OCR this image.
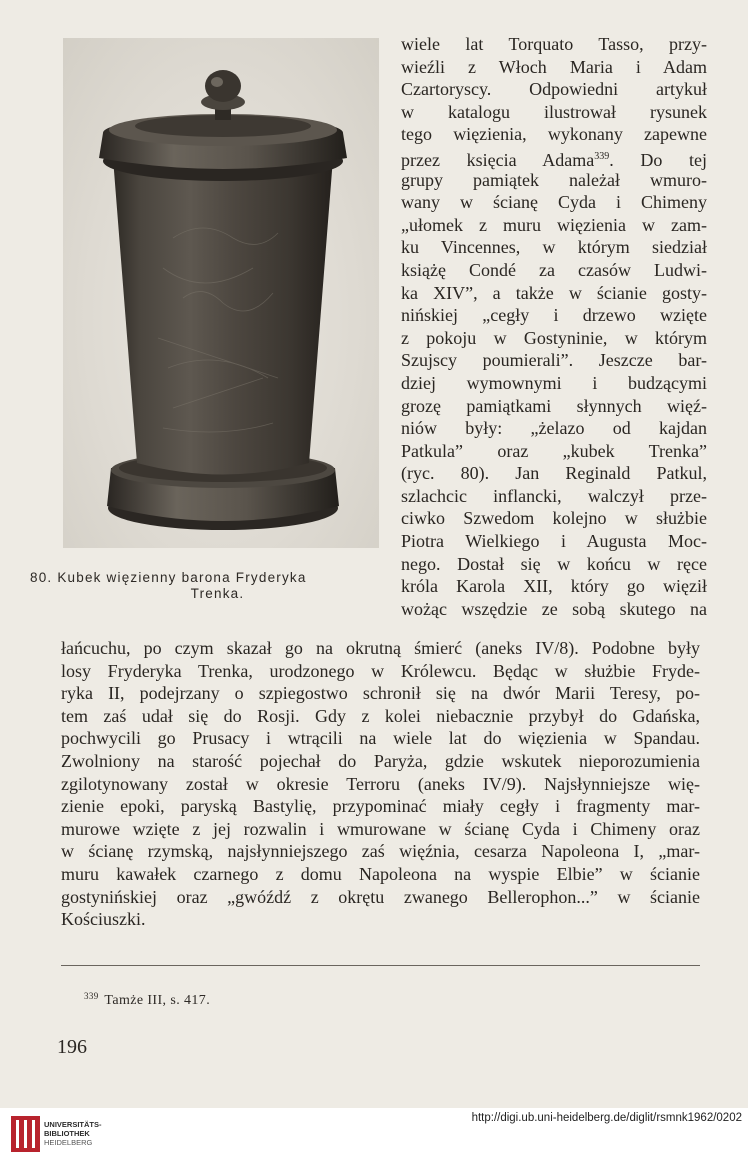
80. Kubek więzienny barona Fryderyka
Trenka.
wiele lat Torquato Tasso, przy-
wieźli z Włoch Maria i Adam
Czartoryscy. Odpowiedni artykuł
w katalogu ilustrował rysunek
tego więzienia, wykonany zapewne
przez księcia Adama$^{339}$. Do tej
grupy pamiątek należał wmuro-
wany w ścianę Cyda i Chimeny
„ułomek z muru więzienia w zam-
ku Vincennes, w którym siedział
książę Condé za czasów Ludwi-
ka XIV”, a także w ścianie gosty-
nińskiej „cegły i drzewo wzięte
z pokoju w Gostyninie, w którym
Szujscy poumierali”. Jeszcze bar-
dziej wymownymi i budzącymi
grozę pamiątkami słynnych więź-
niów były: „żelazo od kajdan
Patkula” oraz „kubek Trenka”
(ryc. 80). Jan Reginald Patkul,
szlachcic inflancki, walczył prze-
ciwko Szwedom kolejno w służbie
Piotra Wielkiego i Augusta Moc-
nego. Dostał się w końcu w ręce
króla Karola XII, który go więził
wożąc wszędzie ze sobą skutego na
łańcuchu, po czym skazał go na okrutną śmierć (aneks IV/8). Podobne były
losy Fryderyka Trenka, urodzonego w Królewcu. Będąc w służbie Fryde-
ryka II, podejrzany o szpiegostwo schronił się na dwór Marii Teresy, po-
tem zaś udał się do Rosji. Gdy z kolei niebacznie przybył do Gdańska,
pochwycili go Prusacy i wtrącili na wiele lat do więzienia w Spandau.
Zwolniony na starość pojechał do Paryża, gdzie wskutek nieporozumienia
zgilotynowany został w okresie Terroru (aneks IV/9). Najsłynniejsze wię-
zienie epoki, paryską Bastylię, przypominać miały cegły i fragmenty mar-
murowe wzięte z jej rozwalin i wmurowane w ścianę Cyda i Chimeny oraz
w ścianę rzymską, najsłynniejszego zaś więźnia, cesarza Napoleona I, „mar-
muru kawałek czarnego z domu Napoleona na wyspie Elbie” w ścianie
gostynińskiej oraz „gwóźdź z okrętu zwanego Bellerophon...” w ścianie
Kościuszki.
$^{339}$ Tamże III, s. 417.
196
UNIVERSITÄTS-
BIBLIOTHEK
HEIDELBERG
http://digi.ub.uni-heidelberg.de/diglit/rsmnk1962/0202
